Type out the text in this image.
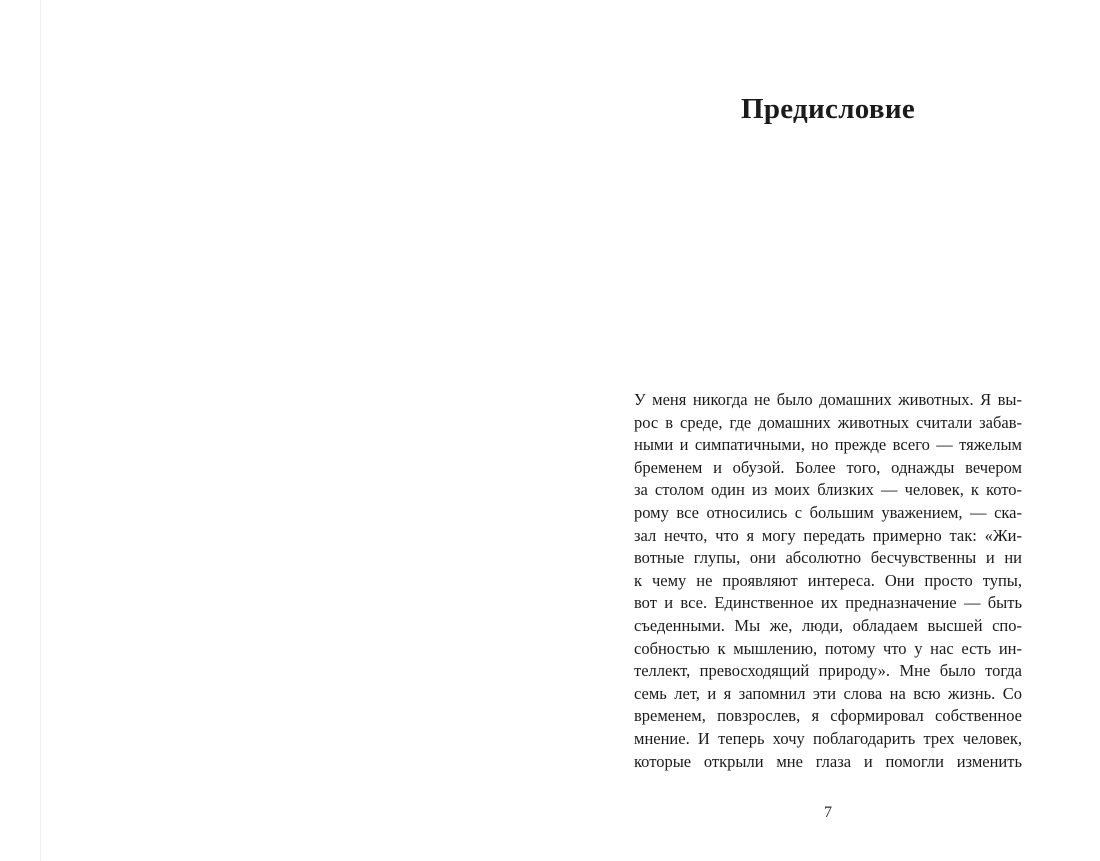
Предисловие
У меня никогда не было домашних животных. Я вы-
рос в среде, где домашних животных считали забав-
ными и симпатичными, но прежде всего — тяжелым
бременем и обузой. Более того, однажды вечером
за столом один из моих близких — человек, к кото-
рому все относились с большим уважением, — ска-
зал нечто, что я могу передать примерно так: «Жи-
вотные глупы, они абсолютно бесчувственны и ни
к чему не проявляют интереса. Они просто тупы,
вот и все. Единственное их предназначение — быть
съеденными. Мы же, люди, обладаем высшей спо-
собностью к мышлению, потому что у нас есть ин-
теллект, превосходящий природу». Мне было тогда
семь лет, и я запомнил эти слова на всю жизнь. Со
временем, повзрослев, я сформировал собственное
мнение. И теперь хочу поблагодарить трех человек,
которые открыли мне глаза и помогли изменить
7
